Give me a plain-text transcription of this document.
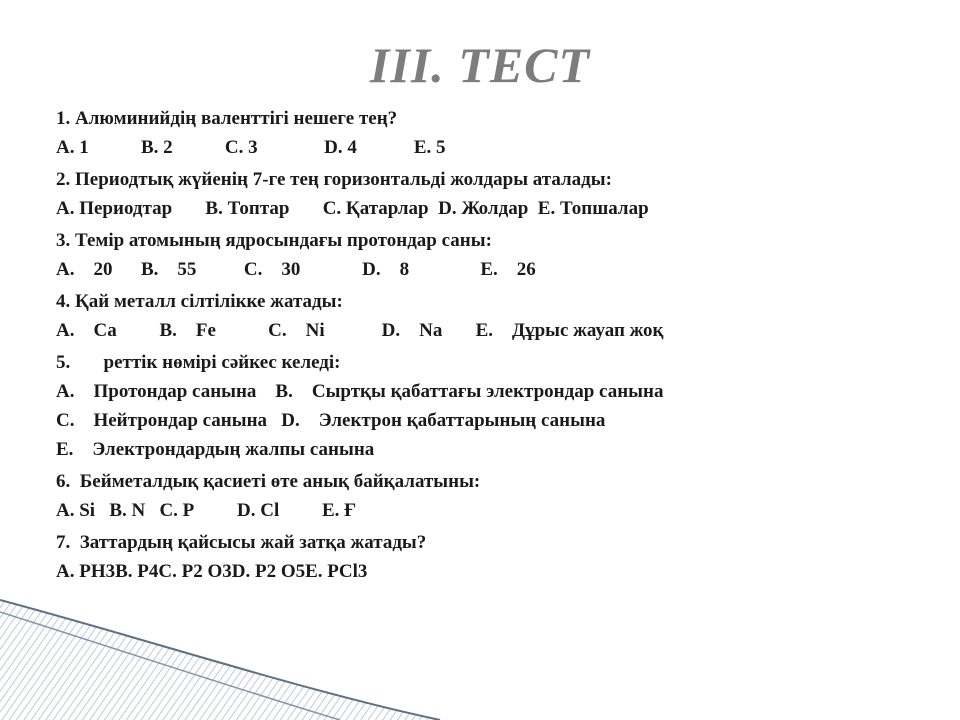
III. ТЕСТ
1. Алюминийдің валенттігі нешеге тең?
А. 1           В. 2           С. 3              D. 4            Е. 5
2. Периодтық жүйенің 7-ге тең горизонтальді жолдары аталады:
А. Периодтар       В. Топтар       С. Қатарлар  D. Жолдар  Е. Топшалар
3. Темір атомының ядросындағы протондар саны:
А.    20      В.    55          С.    30             D.    8               Е.    26
4. Қай металл сілтілікке жатады:
А.    Са         В.    Fe           С.    Ni            D.    Na       Е.    Дұрыс жауап жоқ
5.       реттік нөмірі сәйкес келеді:
А.    Протондар санына    В.    Сыртқы қабаттағы электрондар санына
С.    Нейтрондар санына   D.    Электрон қабаттарының санына
Е.    Электрондардың жалпы санына
6.  Бейметалдық қасиеті өте анық байқалатыны:
А. Si   В. N   С. Р         D. Cl         Е. Ғ
7.  Заттардың қайсысы жай затқа жатады?
А. РН3В. Р4С. Р2 О3D. Р2 О5Е. РCl3
